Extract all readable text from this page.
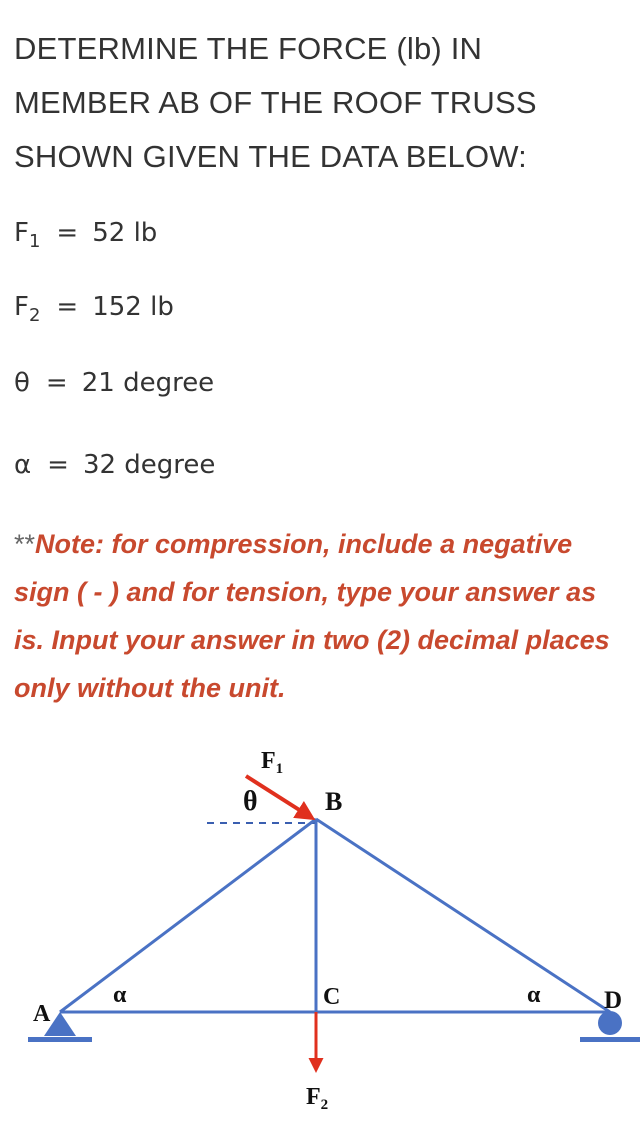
DETERMINE THE FORCE (lb) IN
MEMBER AB OF THE ROOF TRUSS
SHOWN GIVEN THE DATA BELOW:
$F_1 = 52$ lb
$F_2 = 152$ lb
θ = 21 degree
α = 32 degree
**Note: for compression, include a negative
sign ( - ) and for tension, type your answer as
is. Input your answer in two (2) decimal places
only without the unit.
$F_1$
θ	B
C
A	D
α	α
$F_2$
